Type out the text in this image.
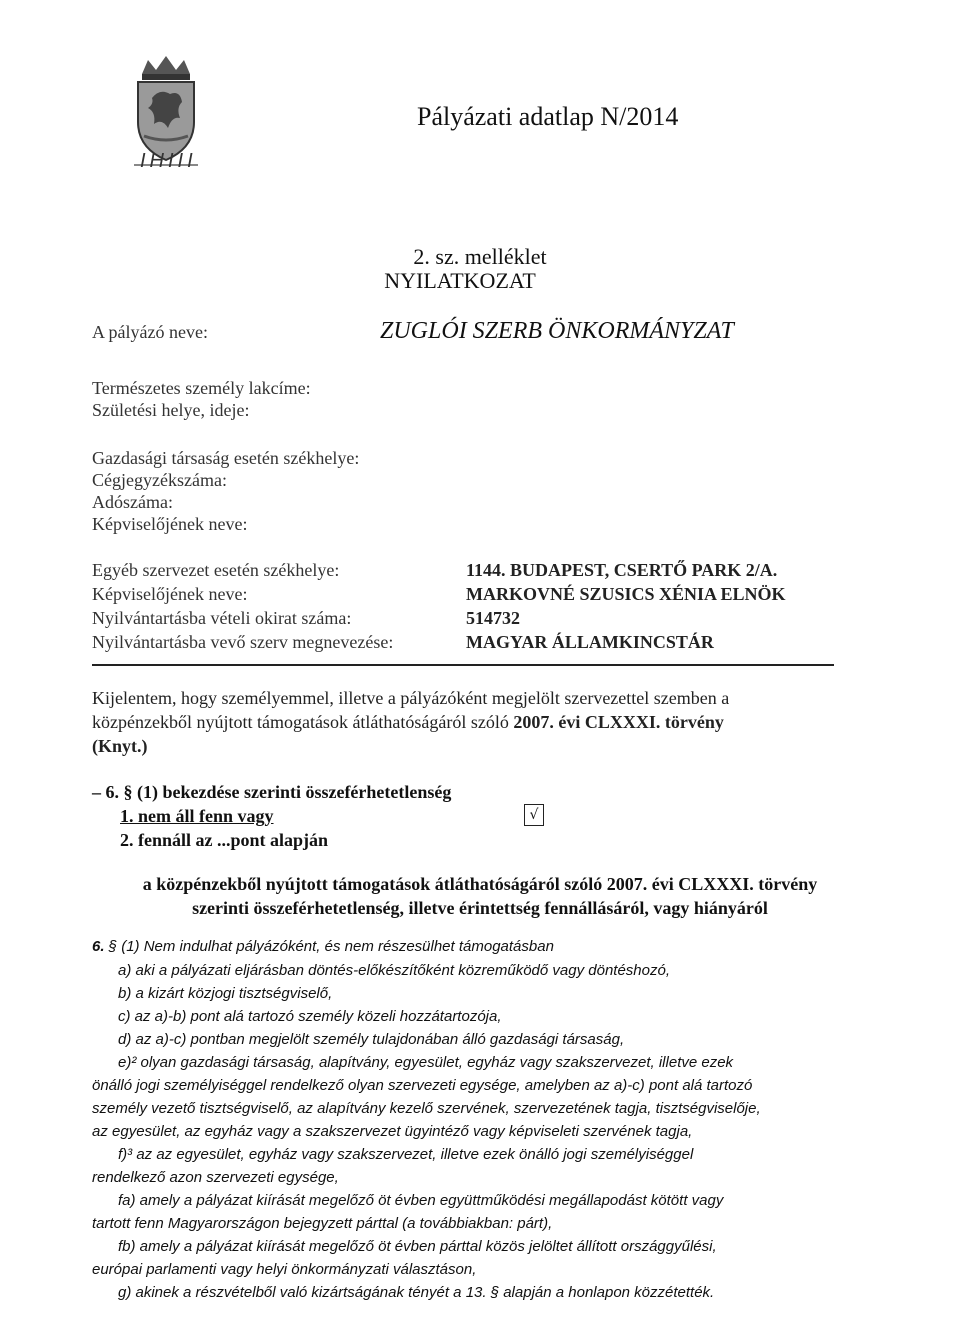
IHIII
Pályázati adatlap N/2014
2. sz. melléklet
NYILATKOZAT
A pályázó neve:	ZUGLÓI SZERB ÖNKORMÁNYZAT
Természetes személy lakcíme:
Születési helye, ideje:
Gazdasági társaság esetén székhelye:
Cégjegyzékszáma:
Adószáma:
Képviselőjének neve:
Egyéb szervezet esetén székhelye:	1144. BUDAPEST, CSERTŐ PARK 2/A.
Képviselőjének neve:	MARKOVNÉ SZUSICS XÉNIA ELNÖK
Nyilvántartásba vételi okirat száma:	514732
Nyilvántartásba vevő szerv megnevezése:	MAGYAR ÁLLAMKINCSTÁR
Kijelentem, hogy személyemmel, illetve a pályázóként megjelölt szervezettel szemben a
közpénzekből nyújtott támogatások átláthatóságáról szóló 2007. évi CLXXXI. törvény
(Knyt.)
– 6. § (1) bekezdése szerinti összeférhetetlenség
1. nem áll fenn vagy	√
2. fennáll az ...pont alapján
a közpénzekből nyújtott támogatások átláthatóságáról szóló 2007. évi CLXXXI. törvény
szerinti összeférhetetlenség, illetve érintettség fennállásáról, vagy hiányáról
6. § (1) Nem indulhat pályázóként, és nem részesülhet támogatásban
a) aki a pályázati eljárásban döntés-előkészítőként közreműködő vagy döntéshozó,
b) a kizárt közjogi tisztségviselő,
c) az a)-b) pont alá tartozó személy közeli hozzátartozója,
d) az a)-c) pontban megjelölt személy tulajdonában álló gazdasági társaság,
e)² olyan gazdasági társaság, alapítvány, egyesület, egyház vagy szakszervezet, illetve ezek
önálló jogi személyiséggel rendelkező olyan szervezeti egysége, amelyben az a)-c) pont alá tartozó
személy vezető tisztségviselő, az alapítvány kezelő szervének, szervezetének tagja, tisztségviselője,
az egyesület, az egyház vagy a szakszervezet ügyintéző vagy képviseleti szervének tagja,
f)³ az az egyesület, egyház vagy szakszervezet, illetve ezek önálló jogi személyiséggel
rendelkező azon szervezeti egysége,
fa) amely a pályázat kiírását megelőző öt évben együttműködési megállapodást kötött vagy
tartott fenn Magyarországon bejegyzett párttal (a továbbiakban: párt),
fb) amely a pályázat kiírását megelőző öt évben párttal közös jelöltet állított országgyűlési,
európai parlamenti vagy helyi önkormányzati választáson,
g) akinek a részvételből való kizártságának tényét a 13. § alapján a honlapon közzétették.
